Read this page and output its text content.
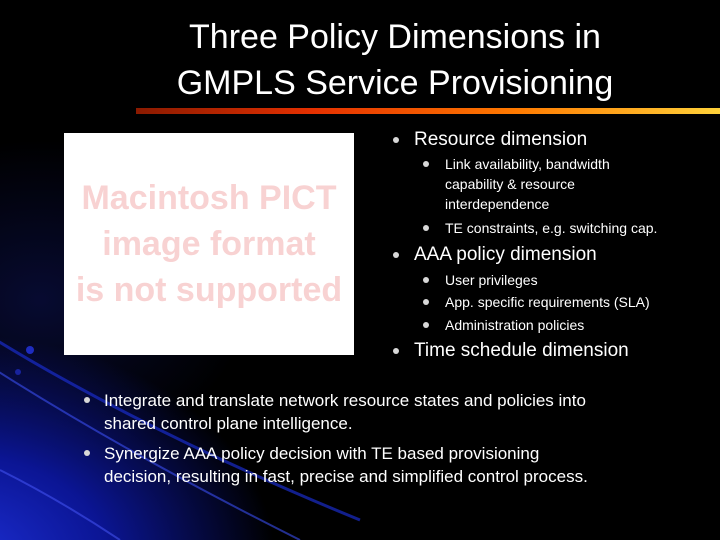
Three Policy Dimensions in
GMPLS Service Provisioning
Macintosh PICT
image format
is not supported
Resource dimension
Link availability, bandwidth
capability & resource
interdependence
TE constraints, e.g. switching cap.
AAA policy dimension
User privileges
App. specific requirements (SLA)
Administration policies
Time schedule dimension
Integrate and translate network resource states and policies into
shared control plane intelligence.
Synergize AAA policy decision with TE based provisioning
decision, resulting in fast, precise and simplified control process.
